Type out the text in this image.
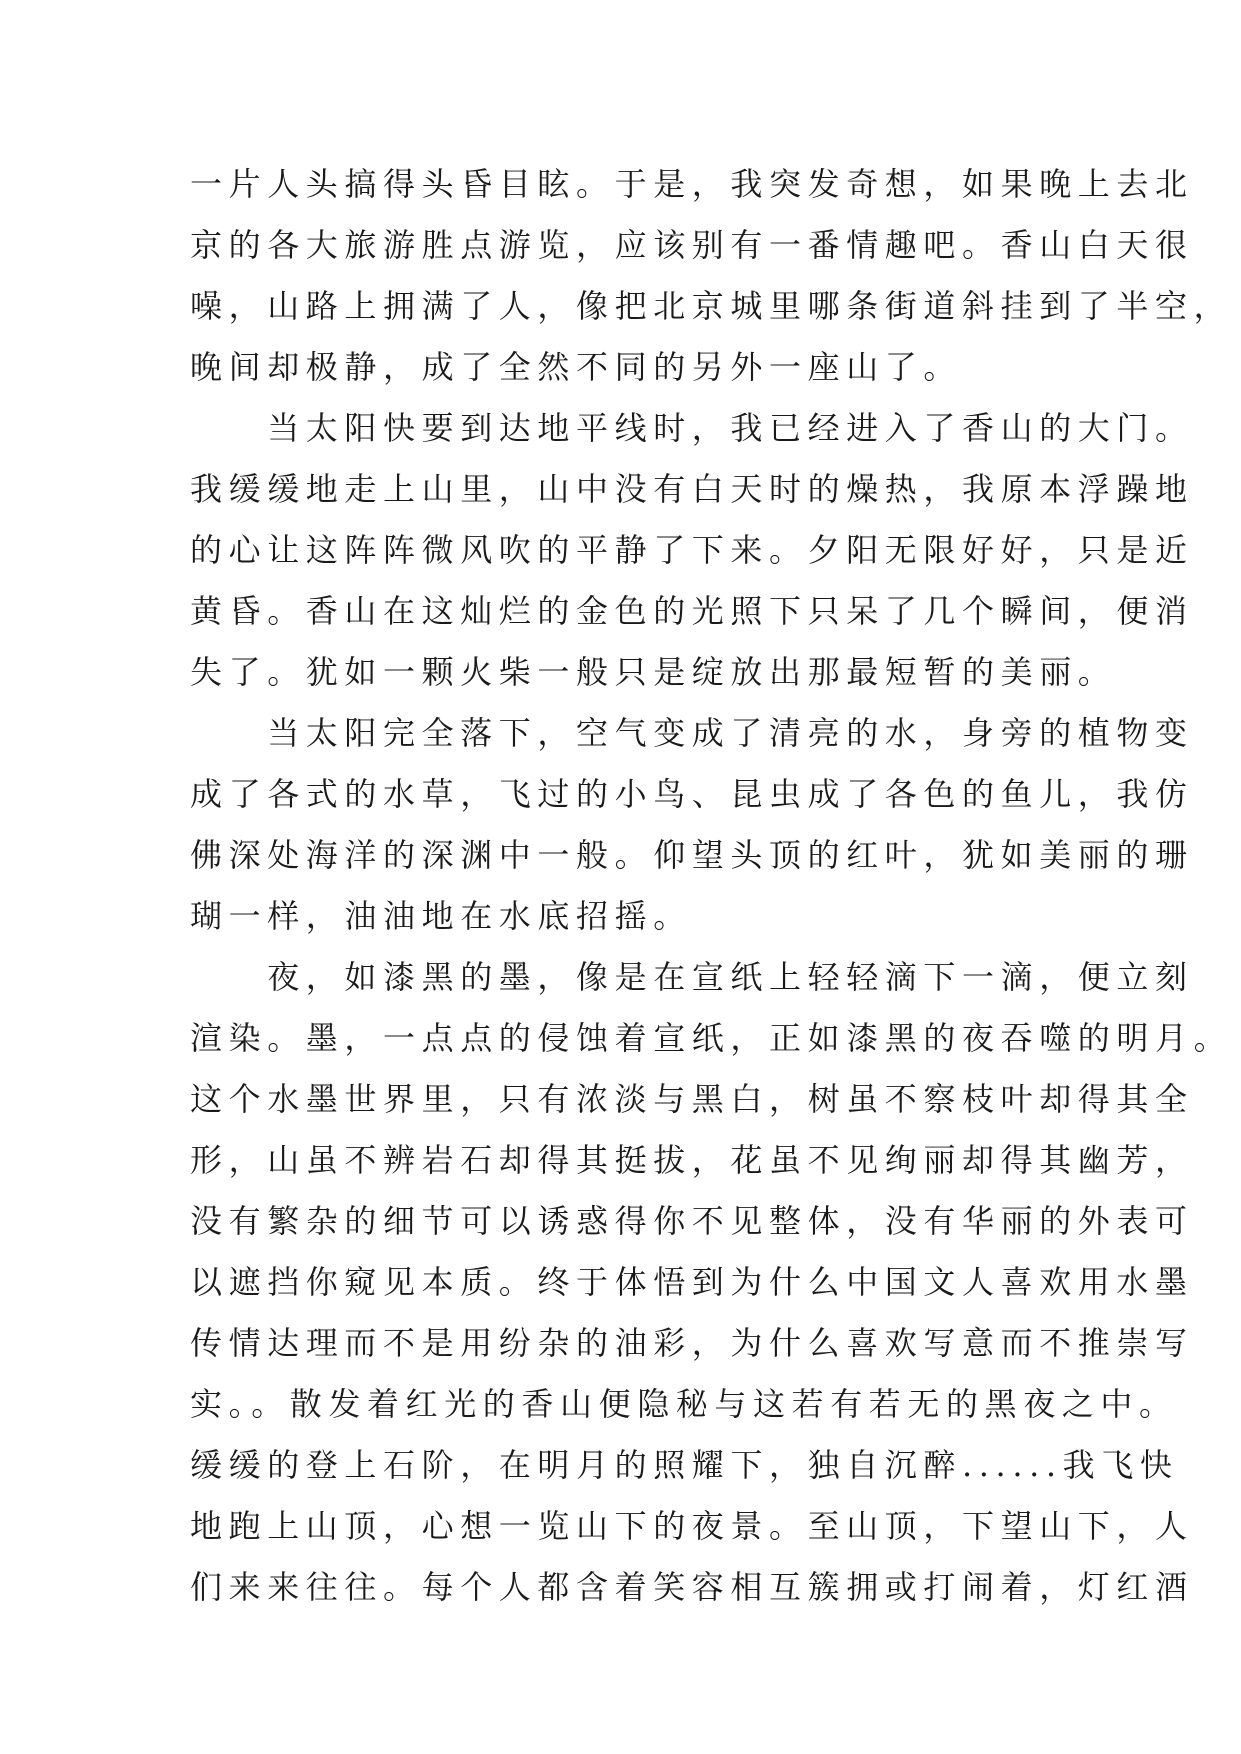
一片人头搞得头昏目眩。于是，我突发奇想，如果晚上去北
京的各大旅游胜点游览，应该别有一番情趣吧。香山白天很
噪，山路上拥满了人，像把北京城里哪条街道斜挂到了半空，
晚间却极静，成了全然不同的另外一座山了。
　　当太阳快要到达地平线时，我已经进入了香山的大门。
我缓缓地走上山里，山中没有白天时的燥热，我原本浮躁地
的心让这阵阵微风吹的平静了下来。夕阳无限好好，只是近
黄昏。香山在这灿烂的金色的光照下只呆了几个瞬间，便消
失了。犹如一颗火柴一般只是绽放出那最短暂的美丽。
　　当太阳完全落下，空气变成了清亮的水，身旁的植物变
成了各式的水草，飞过的小鸟、昆虫成了各色的鱼儿，我仿
佛深处海洋的深渊中一般。仰望头顶的红叶，犹如美丽的珊
瑚一样，油油地在水底招摇。
　　夜，如漆黑的墨，像是在宣纸上轻轻滴下一滴，便立刻
渲染。墨，一点点的侵蚀着宣纸，正如漆黑的夜吞噬的明月。
这个水墨世界里，只有浓淡与黑白，树虽不察枝叶却得其全
形，山虽不辨岩石却得其挺拔，花虽不见绚丽却得其幽芳，
没有繁杂的细节可以诱惑得你不见整体，没有华丽的外表可
以遮挡你窥见本质。终于体悟到为什么中国文人喜欢用水墨
传情达理而不是用纷杂的油彩，为什么喜欢写意而不推崇写
实。。散发着红光的香山便隐秘与这若有若无的黑夜之中。
缓缓的登上石阶，在明月的照耀下，独自沉醉......我飞快
地跑上山顶，心想一览山下的夜景。至山顶，下望山下，人
们来来往往。每个人都含着笑容相互簇拥或打闹着，灯红酒
